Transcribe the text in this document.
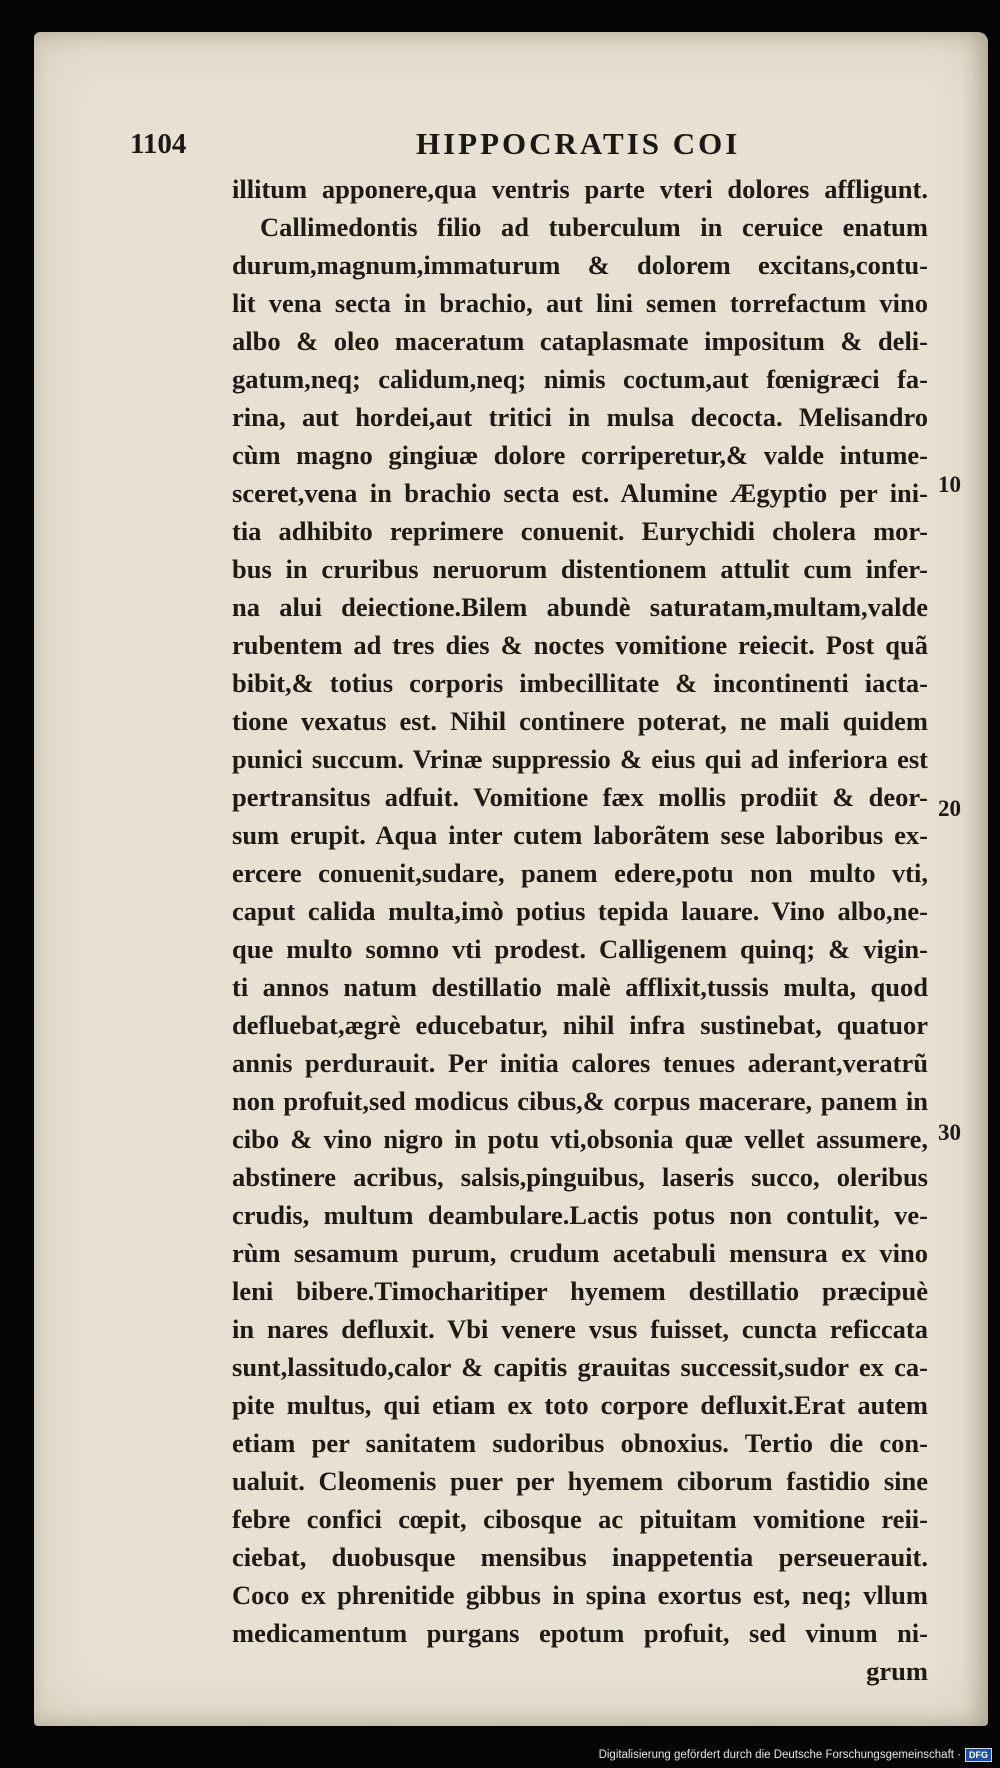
1104	HIPPOCRATIS COI
illitum apponere,qua ventris parte vteri dolores affligunt.
Callimedontis filio ad tuberculum in ceruice enatum
durum,magnum,immaturum & dolorem excitans,contu-
lit vena secta in brachio, aut lini semen torrefactum vino
albo & oleo maceratum cataplasmate impositum & deli-
gatum,neq; calidum,neq; nimis coctum,aut fœnigræci fa-
rina, aut hordei,aut tritici in mulsa decocta. Melisandro
cùm magno gingiuæ dolore corriperetur,& valde intume-
sceret,vena in brachio secta est. Alumine Ægyptio per ini-
tia adhibito reprimere conuenit. Eurychidi cholera mor-
bus in cruribus neruorum distentionem attulit cum infer-
na alui deiectione.Bilem abundè saturatam,multam,valde
rubentem ad tres dies & noctes vomitione reiecit. Post quã
bibit,& totius corporis imbecillitate & incontinenti iacta-
tione vexatus est. Nihil continere poterat, ne mali quidem
punici succum. Vrinæ suppressio & eius qui ad inferiora est
pertransitus adfuit. Vomitione fæx mollis prodiit & deor-
sum erupit. Aqua inter cutem laborãtem sese laboribus ex-
ercere conuenit,sudare, panem edere,potu non multo vti,
caput calida multa,imò potius tepida lauare. Vino albo,ne-
que multo somno vti prodest. Calligenem quinq; & vigin-
ti annos natum destillatio malè afflixit,tussis multa, quod
defluebat,ægrè educebatur, nihil infra sustinebat, quatuor
annis perdurauit. Per initia calores tenues aderant,veratrũ
non profuit,sed modicus cibus,& corpus macerare, panem in
cibo & vino nigro in potu vti,obsonia quæ vellet assumere,
abstinere acribus, salsis,pinguibus, laseris succo, oleribus
crudis, multum deambulare.Lactis potus non contulit, ve-
rùm sesamum purum, crudum acetabuli mensura ex vino
leni bibere.Timocharitiper hyemem destillatio præcipuè
in nares defluxit. Vbi venere vsus fuisset, cuncta reficcata
sunt,lassitudo,calor & capitis grauitas successit,sudor ex ca-
pite multus, qui etiam ex toto corpore defluxit.Erat autem
etiam per sanitatem sudoribus obnoxius. Tertio die con-
ualuit. Cleomenis puer per hyemem ciborum fastidio sine
febre confici cœpit, cibosque ac pituitam vomitione reii-
ciebat, duobusque mensibus inappetentia perseuerauit.
Coco ex phrenitide gibbus in spina exortus est, neq; vllum
medicamentum purgans epotum profuit, sed vinum ni-
grum
10
20
30
Digitalisierung gefördert durch die Deutsche Forschungsgemeinschaft · DFG
